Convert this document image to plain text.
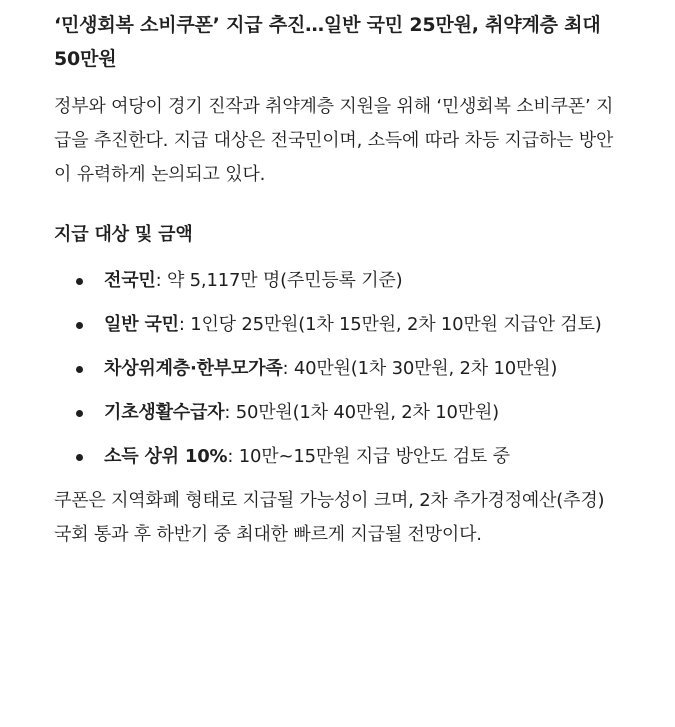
‘민생회복 소비쿠폰’ 지급 추진…일반 국민 25만원, 취약계층 최대 50만원

정부와 여당이 경기 진작과 취약계층 지원을 위해 ‘민생회복 소비쿠폰’ 지급을 추진한다. 지급 대상은 전국민이며, 소득에 따라 차등 지급하는 방안이 유력하게 논의되고 있다.

지급 대상 및 금액
전국민: 약 5,117만 명(주민등록 기준)
일반 국민: 1인당 25만원(1차 15만원, 2차 10만원 지급안 검토)
차상위계층·한부모가족: 40만원(1차 30만원, 2차 10만원)
기초생활수급자: 50만원(1차 40만원, 2차 10만원)
소득 상위 10%: 10만~15만원 지급 방안도 검토 중

쿠폰은 지역화폐 형태로 지급될 가능성이 크며, 2차 추가경정예산(추경) 국회 통과 후 하반기 중 최대한 빠르게 지급될 전망이다.
